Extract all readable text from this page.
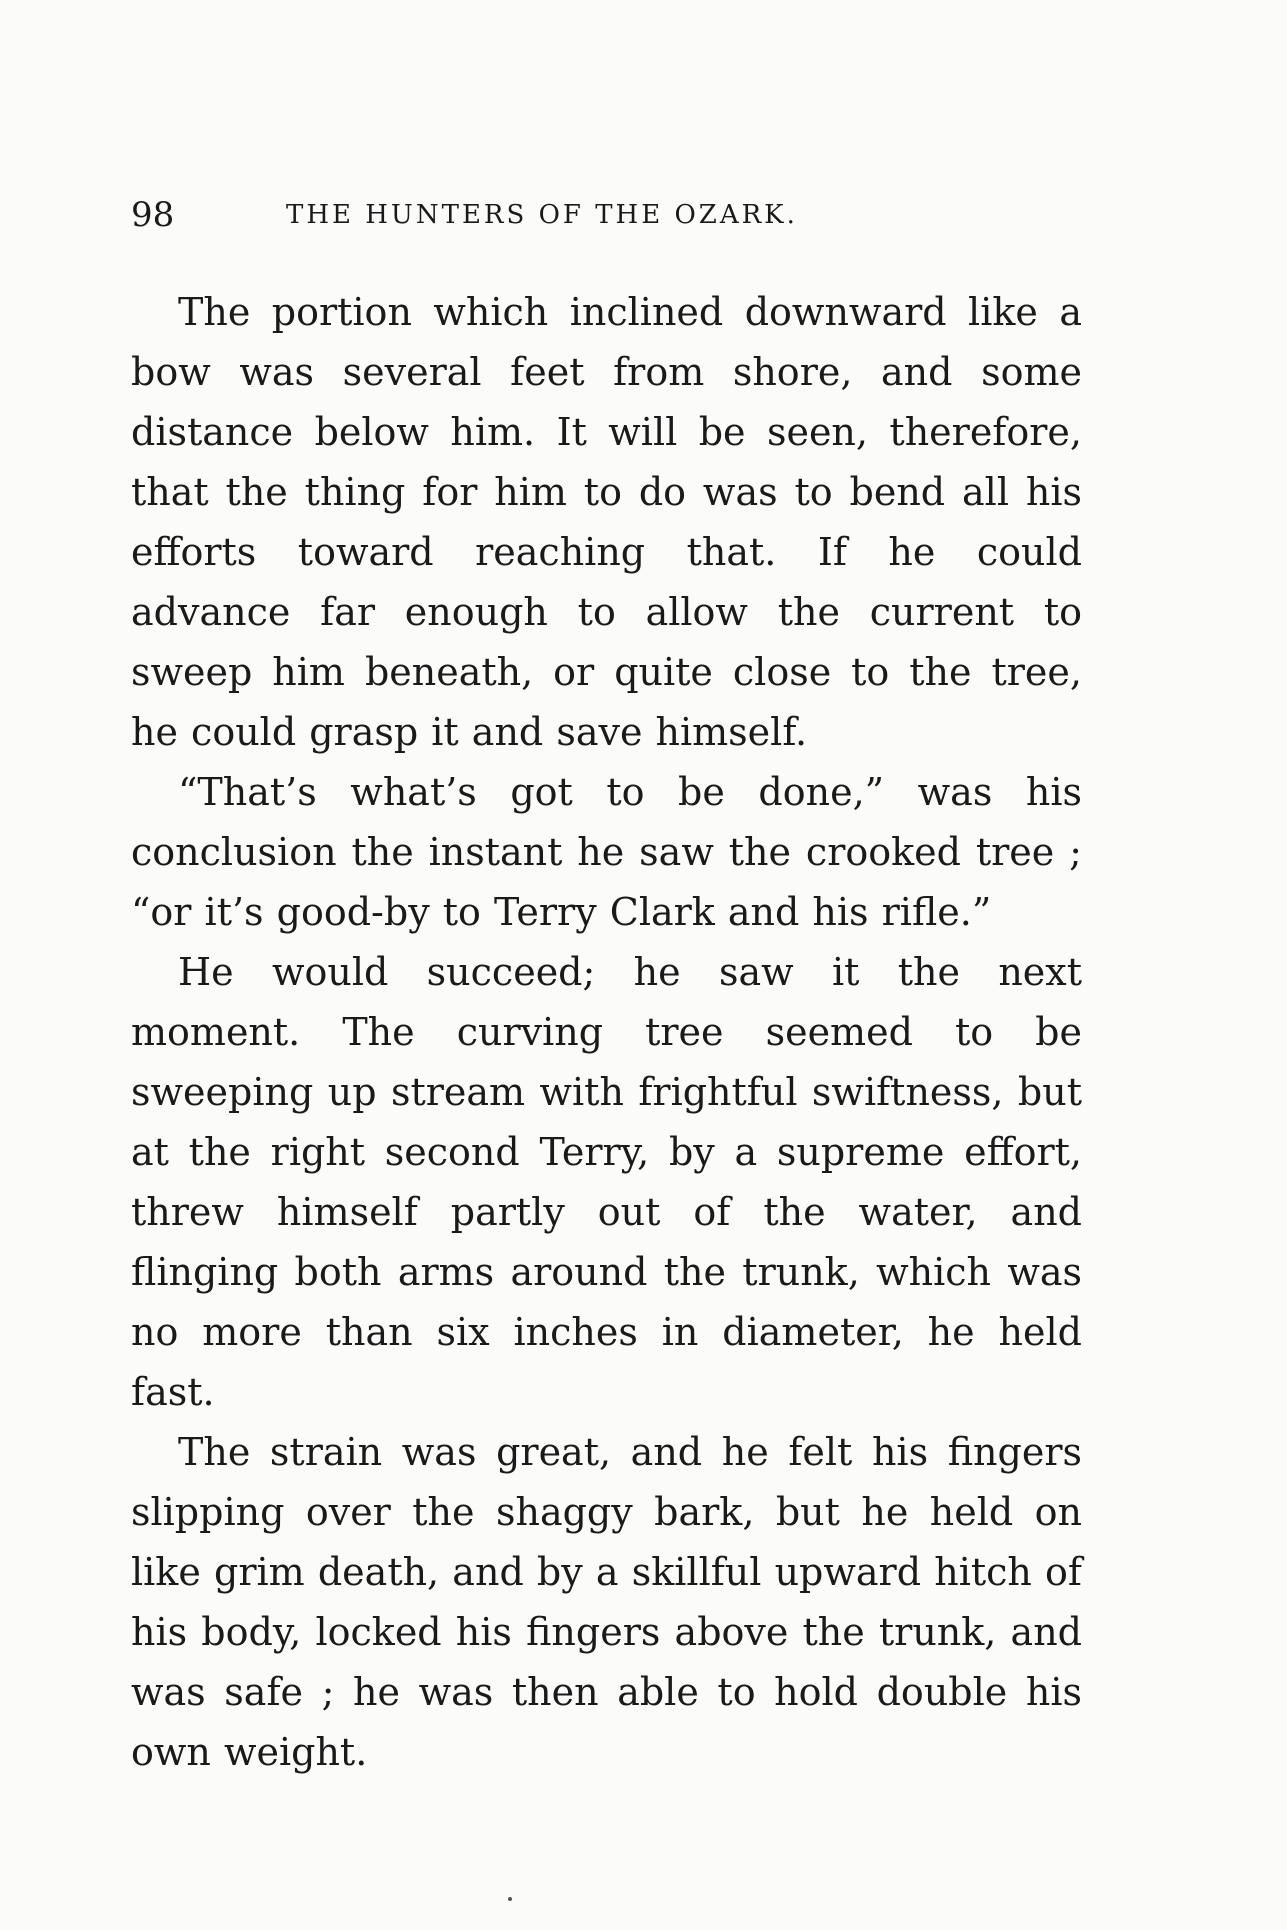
98	THE HUNTERS OF THE OZARK.

The portion which inclined downward like a bow was several feet from shore, and some distance below him. It will be seen, therefore, that the thing for him to do was to bend all his efforts toward reaching that. If he could advance far enough to allow the current to sweep him beneath, or quite close to the tree, he could grasp it and save himself.

“That’s what’s got to be done,” was his conclusion the instant he saw the crooked tree ; “or it’s good-by to Terry Clark and his rifle.”

He would succeed; he saw it the next moment. The curving tree seemed to be sweeping up stream with frightful swiftness, but at the right second Terry, by a supreme effort, threw himself partly out of the water, and flinging both arms around the trunk, which was no more than six inches in diameter, he held fast.

The strain was great, and he felt his fingers slipping over the shaggy bark, but he held on like grim death, and by a skillful upward hitch of his body, locked his fingers above the trunk, and was safe ; he was then able to hold double his own weight.
